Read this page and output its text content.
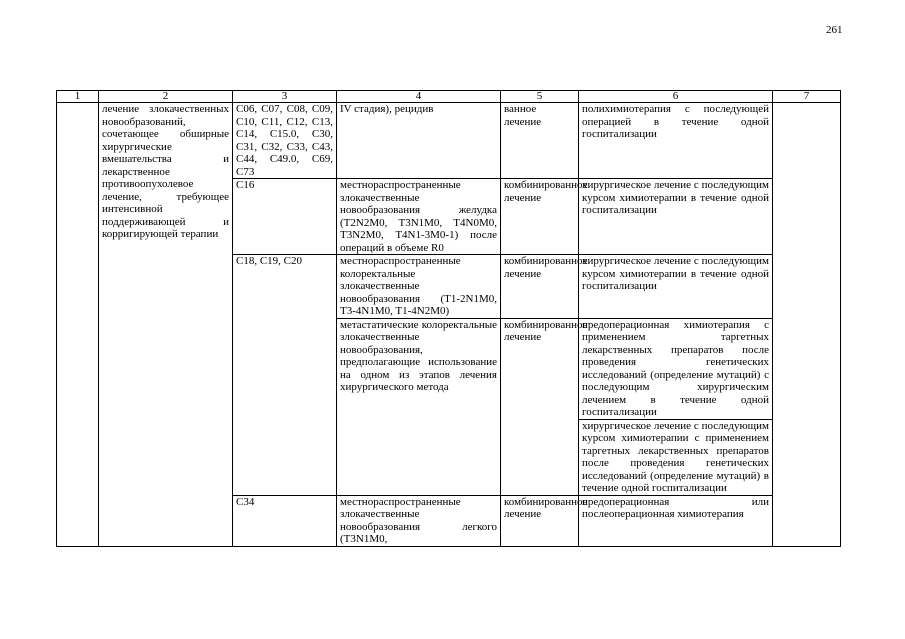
261
1	2	3	4	5	6	7
	лечение злокачественных новообразований, сочетающее обширные хирургические вмешательства и лекарственное противоопухолевое лечение, требующее интенсивной поддерживающей и корригирующей терапии	C06, C07, C08, C09, C10, C11, C12, C13, C14, C15.0, C30, C31, C32, C33, C43, C44, C49.0, C69, C73	IV стадия), рецидив	ванное лечение	полихимиотерапия с последующей операцией в течение одной госпитализации	
		C16	местнораспространенные злокачественные новообразования желудка (T2N2M0, T3N1M0, T4N0M0, T3N2M0, T4N1-3M0-1) после операций в объеме R0	комбинированное лечение	хирургическое лечение с последующим курсом химиотерапии в течение одной госпитализации	
		C18, C19, C20	местнораспространенные колоректальные злокачественные новообразования (T1-2N1M0, T3-4N1M0, T1-4N2M0)	комбинированное лечение	хирургическое лечение с последующим курсом химиотерапии в течение одной госпитализации	
			метастатические колоректальные злокачественные новообразования, предполагающие использование на одном из этапов лечения хирургического метода	комбинированное лечение	предоперационная химиотерапия с применением таргетных лекарственных препаратов после проведения генетических исследований (определение мутаций) с последующим хирургическим лечением в течение одной госпитализации	
					хирургическое лечение с последующим курсом химиотерапии с применением таргетных лекарственных препаратов после проведения генетических исследований (определение мутаций) в течение одной госпитализации	
		C34	местнораспространенные злокачественные новообразования легкого (T3N1M0,	комбинированное лечение	предоперационная или послеоперационная химиотерапия	
